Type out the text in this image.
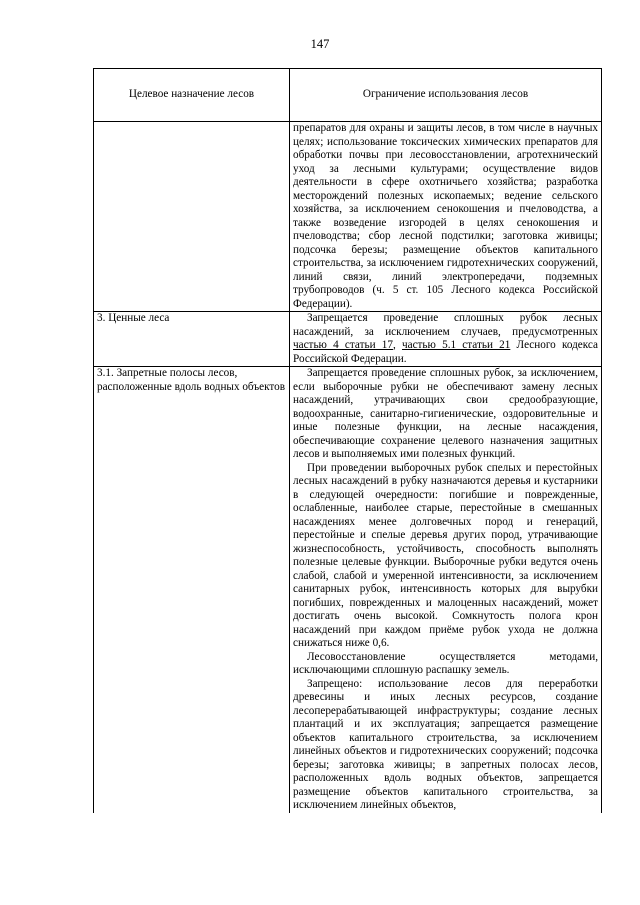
147
Целевое назначение лесов	Ограничение использования лесов

	препаратов для охраны и защиты лесов, в том числе в научных целях; использование токсических химических препаратов для обработки почвы при лесовосстановлении, агротехнический уход за лесными культурами; осуществление видов деятельности в сфере охотничьего хозяйства; разработка месторождений полезных ископаемых; ведение сельского хозяйства, за исключением сенокошения и пчеловодства, а также возведение изгородей в целях сенокошения и пчеловодства; сбор лесной подстилки; заготовка живицы; подсочка березы; размещение объектов капитального строительства, за исключением гидротехнических сооружений, линий связи, линий электропередачи, подземных трубопроводов (ч. 5 ст. 105 Лесного кодекса Российской Федерации).

3. Ценные леса	Запрещается проведение сплошных рубок лесных насаждений, за исключением случаев, предусмотренных частью 4 статьи 17, частью 5.1 статьи 21 Лесного кодекса Российской Федерации.

3.1. Запретные полосы лесов, расположенные вдоль водных объектов	Запрещается проведение сплошных рубок, за исключением, если выборочные рубки не обеспечивают замену лесных насаждений, утрачивающих свои средообразующие, водоохранные, санитарно-гигиенические, оздоровительные и иные полезные функции, на лесные насаждения, обеспечивающие сохранение целевого назначения защитных лесов и выполняемых ими полезных функций.

При проведении выборочных рубок спелых и перестойных лесных насаждений в рубку назначаются деревья и кустарники в следующей очередности: погибшие и поврежденные, ослабленные, наиболее старые, перестойные в смешанных насаждениях менее долговечных пород и генераций, перестойные и спелые деревья других пород, утрачивающие жизнеспособность, устойчивость, способность выполнять полезные целевые функции. Выборочные рубки ведутся очень слабой, слабой и умеренной интенсивности, за исключением санитарных рубок, интенсивность которых для вырубки погибших, поврежденных и малоценных насаждений, может достигать очень высокой. Сомкнутость полога крон насаждений при каждом приёме рубок ухода не должна снижаться ниже 0,6.

Лесовосстановление осуществляется методами, исключающими сплошную распашку земель.

Запрещено: использование лесов для переработки древесины и иных лесных ресурсов, создание лесоперерабатывающей инфраструктуры; создание лесных плантаций и их эксплуатация; запрещается размещение объектов капитального строительства, за исключением линейных объектов и гидротехнических сооружений; подсочка березы; заготовка живицы; в запретных полосах лесов, расположенных вдоль водных объектов, запрещается размещение объектов капитального строительства, за исключением линейных объектов,
